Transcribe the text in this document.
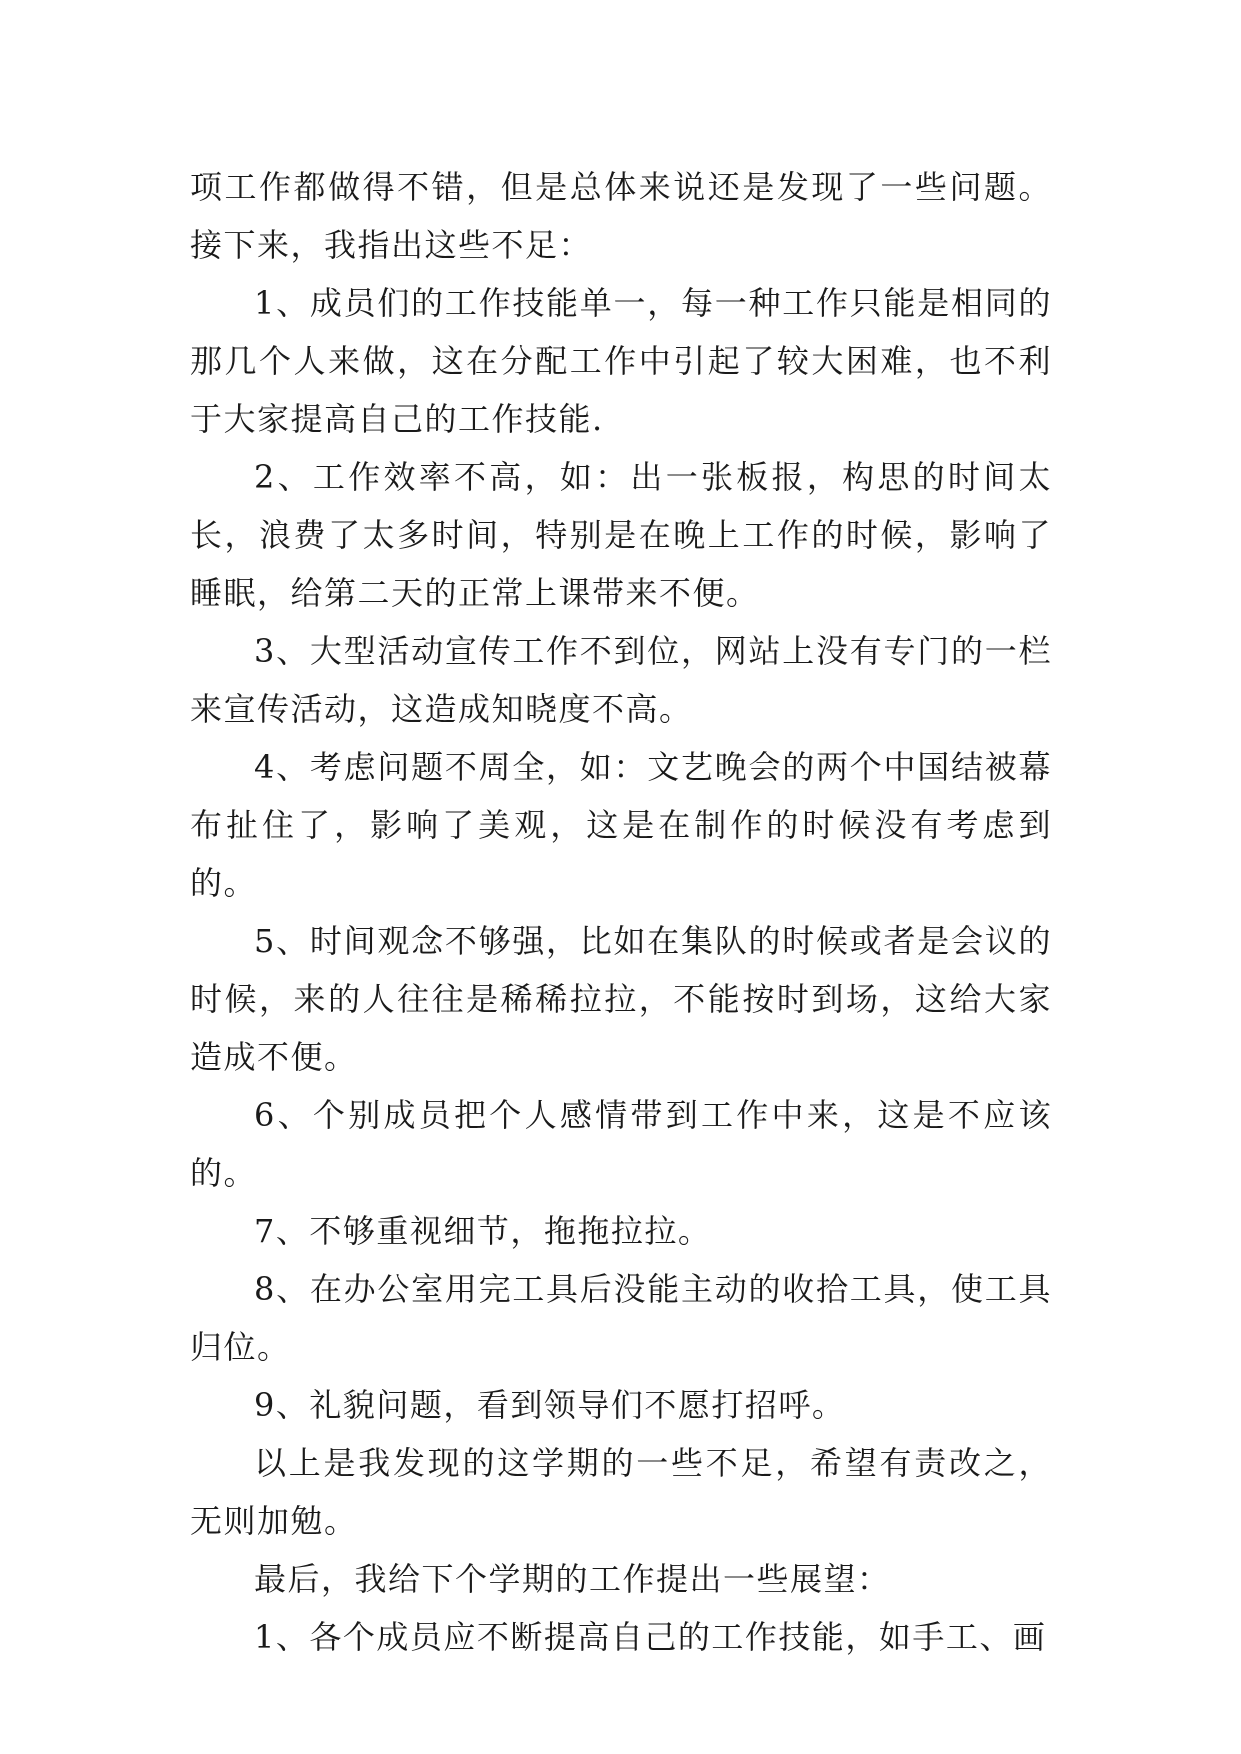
项工作都做得不错，但是总体来说还是发现了一些问题。接下来，我指出这些不足：

1、成员们的工作技能单一，每一种工作只能是相同的那几个人来做，这在分配工作中引起了较大困难，也不利于大家提高自己的工作技能.

2、工作效率不高，如：出一张板报，构思的时间太长，浪费了太多时间，特别是在晚上工作的时候，影响了睡眠，给第二天的正常上课带来不便。

3、大型活动宣传工作不到位，网站上没有专门的一栏来宣传活动，这造成知晓度不高。

4、考虑问题不周全，如：文艺晚会的两个中国结被幕布扯住了，影响了美观，这是在制作的时候没有考虑到的。

5、时间观念不够强，比如在集队的时候或者是会议的时候，来的人往往是稀稀拉拉，不能按时到场，这给大家造成不便。

6、个别成员把个人感情带到工作中来，这是不应该的。

7、不够重视细节，拖拖拉拉。

8、在办公室用完工具后没能主动的收拾工具，使工具归位。

9、礼貌问题，看到领导们不愿打招呼。

以上是我发现的这学期的一些不足，希望有责改之，无则加勉。

最后，我给下个学期的工作提出一些展望：

1、各个成员应不断提高自己的工作技能，如手工、画
